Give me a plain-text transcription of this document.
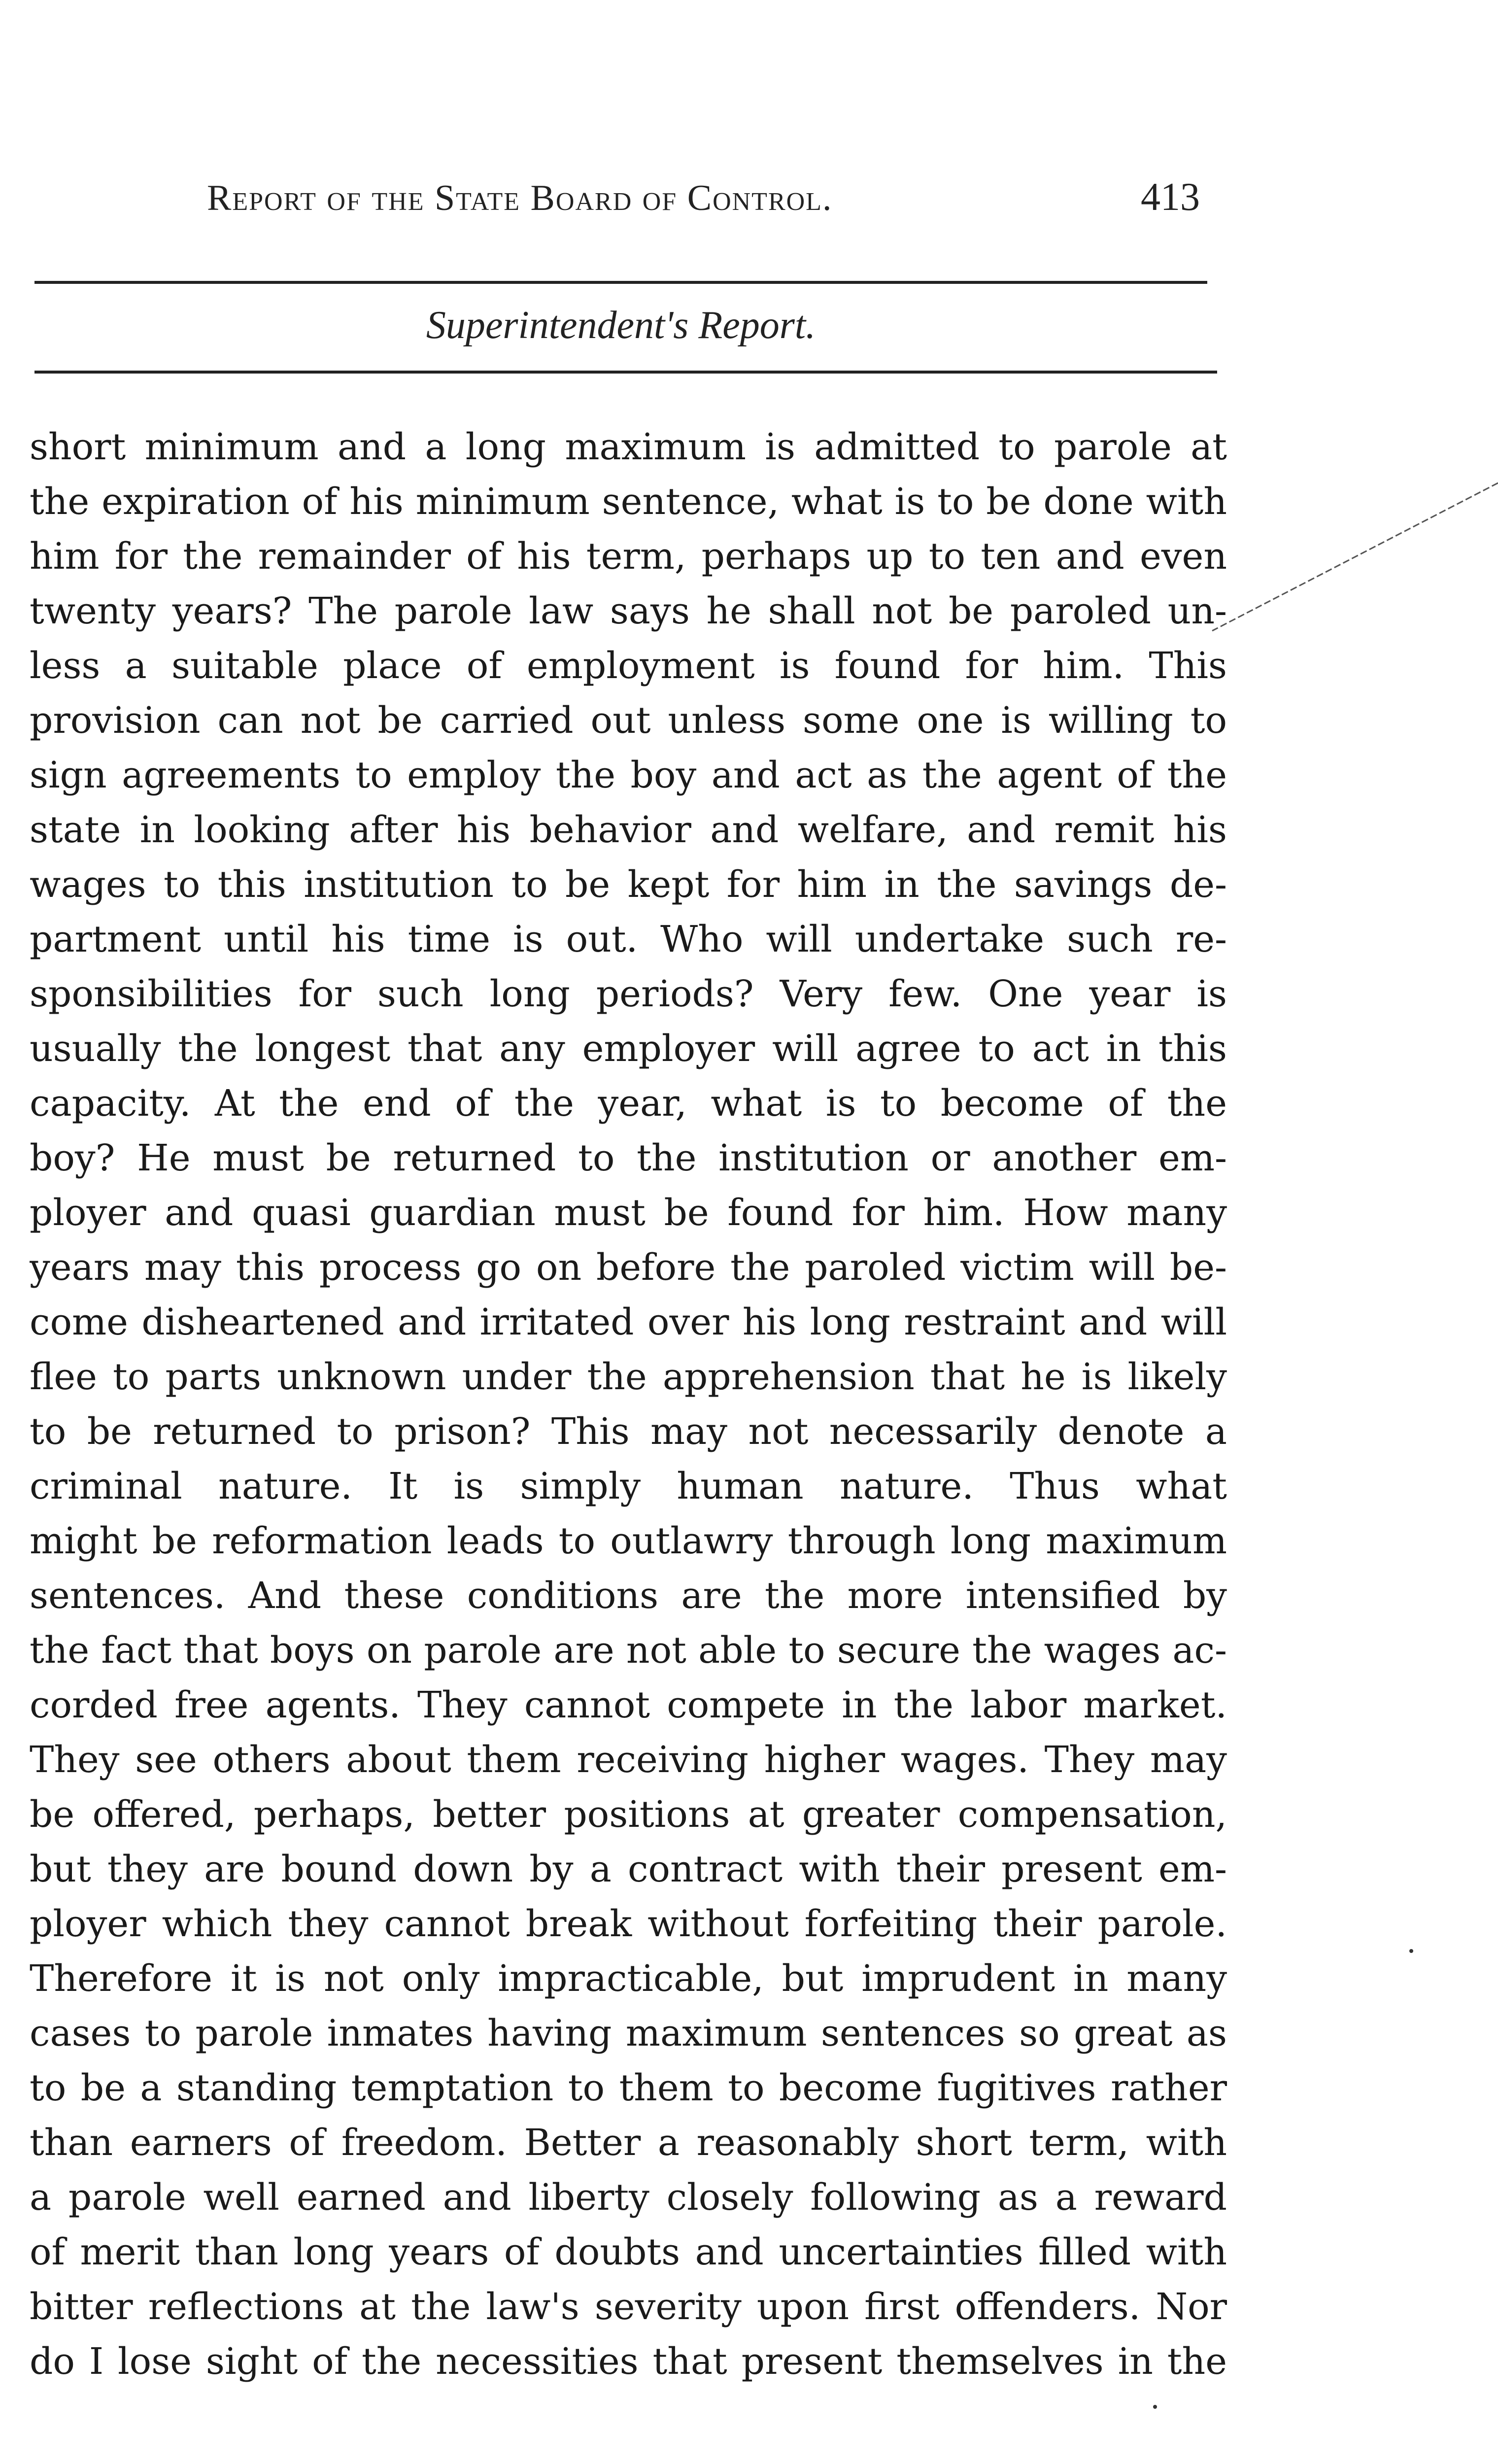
Report of the State Board of Control.	413
Superintendent's Report.
short minimum and a long maximum is admitted to parole at
the expiration of his minimum sentence, what is to be done with
him for the remainder of his term, perhaps up to ten and even
twenty years? The parole law says he shall not be paroled un-
less a suitable place of employment is found for him. This
provision can not be carried out unless some one is willing to
sign agreements to employ the boy and act as the agent of the
state in looking after his behavior and welfare, and remit his
wages to this institution to be kept for him in the savings de-
partment until his time is out. Who will undertake such re-
sponsibilities for such long periods? Very few. One year is
usually the longest that any employer will agree to act in this
capacity. At the end of the year, what is to become of the
boy? He must be returned to the institution or another em-
ployer and quasi guardian must be found for him. How many
years may this process go on before the paroled victim will be-
come disheartened and irritated over his long restraint and will
flee to parts unknown under the apprehension that he is likely
to be returned to prison? This may not necessarily denote a
criminal nature. It is simply human nature. Thus what
might be reformation leads to outlawry through long maximum
sentences. And these conditions are the more intensified by
the fact that boys on parole are not able to secure the wages ac-
corded free agents. They cannot compete in the labor market.
They see others about them receiving higher wages. They may
be offered, perhaps, better positions at greater compensation,
but they are bound down by a contract with their present em-
ployer which they cannot break without forfeiting their parole.
Therefore it is not only impracticable, but imprudent in many
cases to parole inmates having maximum sentences so great as
to be a standing temptation to them to become fugitives rather
than earners of freedom. Better a reasonably short term, with
a parole well earned and liberty closely following as a reward
of merit than long years of doubts and uncertainties filled with
bitter reflections at the law's severity upon first offenders. Nor
do I lose sight of the necessities that present themselves in the
